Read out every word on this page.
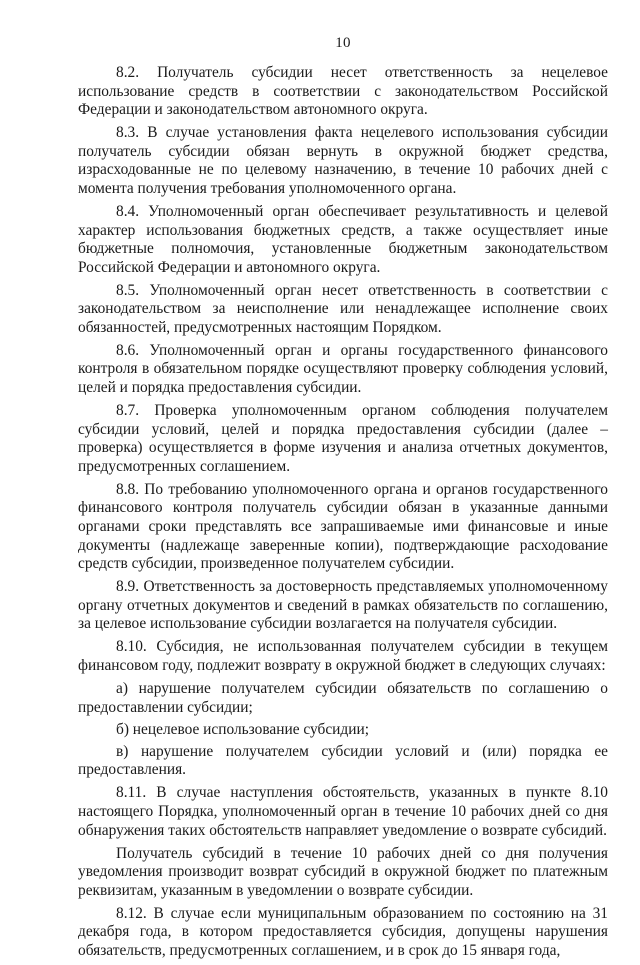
10

8.2. Получатель субсидии несет ответственность за нецелевое использование средств в соответствии с законодательством Российской Федерации и законодательством автономного округа.

8.3. В случае установления факта нецелевого использования субсидии получатель субсидии обязан вернуть в окружной бюджет средства, израсходованные не по целевому назначению, в течение 10 рабочих дней с момента получения требования уполномоченного органа.

8.4. Уполномоченный орган обеспечивает результативность и целевой характер использования бюджетных средств, а также осуществляет иные бюджетные полномочия, установленные бюджетным законодательством Российской Федерации и автономного округа.

8.5. Уполномоченный орган несет ответственность в соответствии с законодательством за неисполнение или ненадлежащее исполнение своих обязанностей, предусмотренных настоящим Порядком.

8.6. Уполномоченный орган и органы государственного финансового контроля в обязательном порядке осуществляют проверку соблюдения условий, целей и порядка предоставления субсидии.

8.7. Проверка уполномоченным органом соблюдения получателем субсидии условий, целей и порядка предоставления субсидии (далее – проверка) осуществляется в форме изучения и анализа отчетных документов, предусмотренных соглашением.

8.8. По требованию уполномоченного органа и органов государственного финансового контроля получатель субсидии обязан в указанные данными органами сроки представлять все запрашиваемые ими финансовые и иные документы (надлежаще заверенные копии), подтверждающие расходование средств субсидии, произведенное получателем субсидии.

8.9. Ответственность за достоверность представляемых уполномоченному органу отчетных документов и сведений в рамках обязательств по соглашению, за целевое использование субсидии возлагается на получателя субсидии.

8.10. Субсидия, не использованная получателем субсидии в текущем финансовом году, подлежит возврату в окружной бюджет в следующих случаях:

а) нарушение получателем субсидии обязательств по соглашению о предоставлении субсидии;

б) нецелевое использование субсидии;

в) нарушение получателем субсидии условий и (или) порядка ее предоставления.

8.11. В случае наступления обстоятельств, указанных в пункте 8.10 настоящего Порядка, уполномоченный орган в течение 10 рабочих дней со дня обнаружения таких обстоятельств направляет уведомление о возврате субсидий.

Получатель субсидий в течение 10 рабочих дней со дня получения уведомления производит возврат субсидий в окружной бюджет по платежным реквизитам, указанным в уведомлении о возврате субсидии.

8.12. В случае если муниципальным образованием по состоянию на 31 декабря года, в котором предоставляется субсидия, допущены нарушения обязательств, предусмотренных соглашением, и в срок до 15 января года,
